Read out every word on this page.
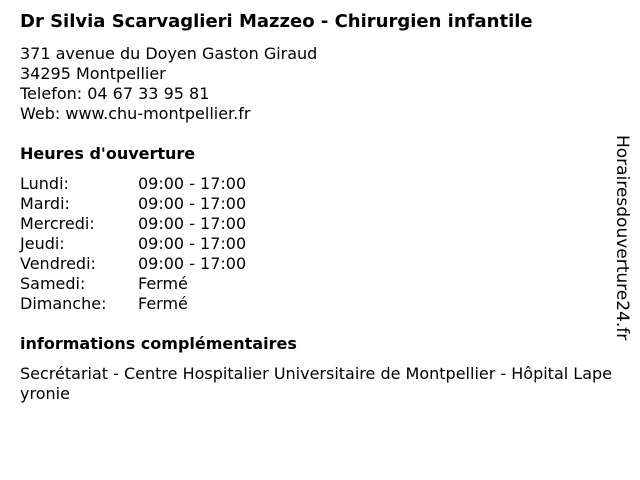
Dr Silvia Scarvaglieri Mazzeo - Chirurgien infantile
371 avenue du Doyen Gaston Giraud
34295 Montpellier
Telefon: 04 67 33 95 81
Web: www.chu-montpellier.fr
Heures d'ouverture
Lundi:	09:00 - 17:00
Mardi:	09:00 - 17:00
Mercredi:	09:00 - 17:00
Jeudi:	09:00 - 17:00
Vendredi:	09:00 - 17:00
Samedi:	Fermé
Dimanche:	Fermé
informations complémentaires
Secrétariat - Centre Hospitalier Universitaire de Montpellier - Hôpital Lapeyronie
Horairesdouverture24.fr
